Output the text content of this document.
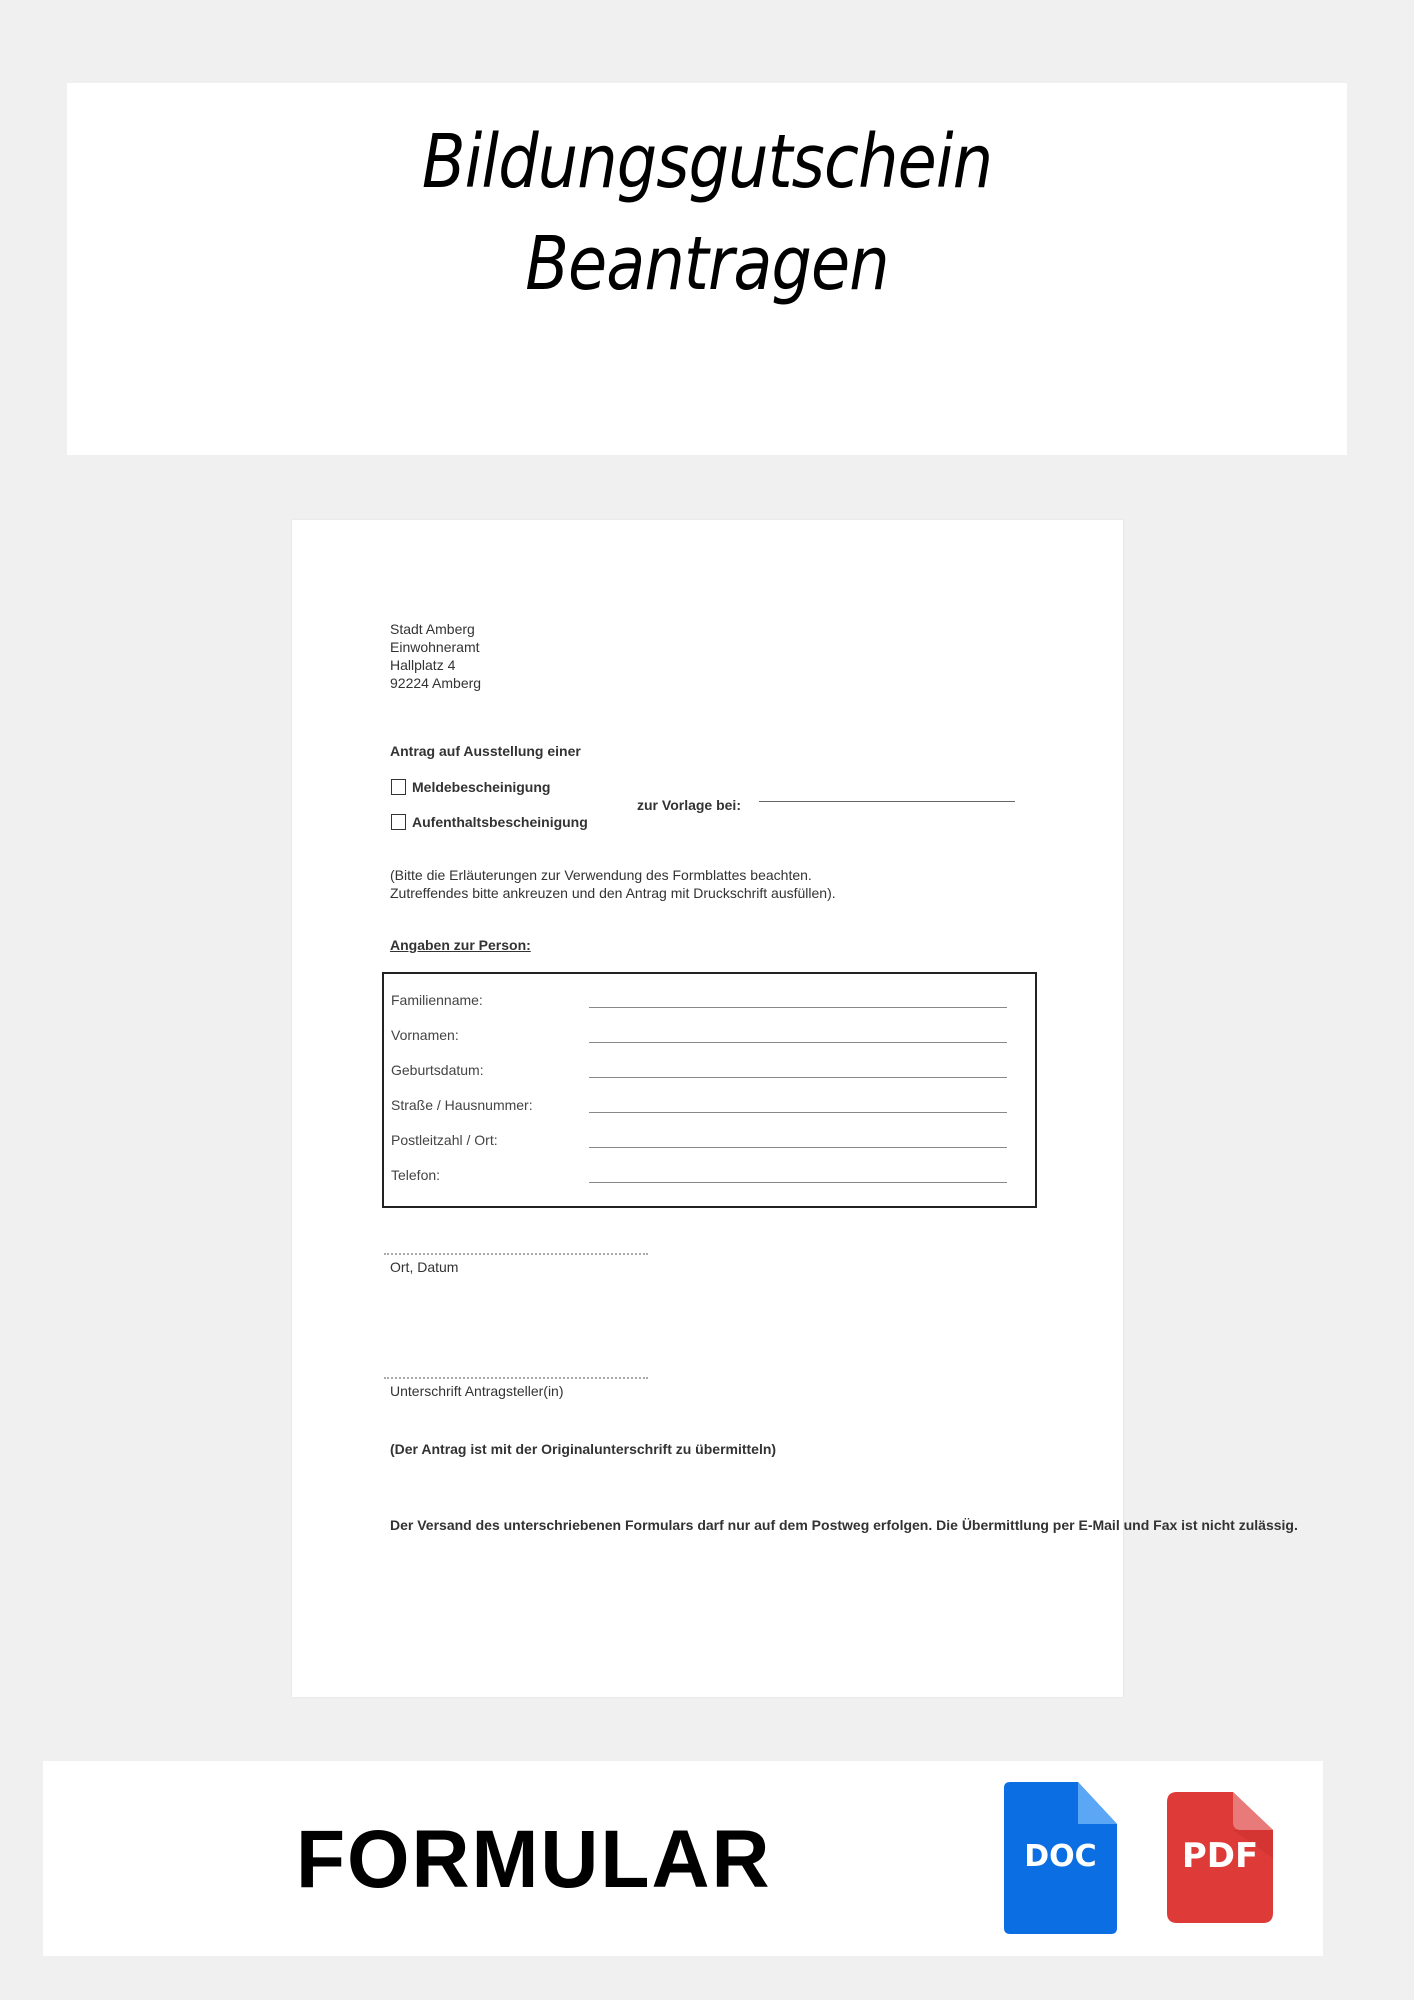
Bildungsgutschein
Beantragen
Stadt Amberg
Einwohneramt
Hallplatz 4
92224 Amberg
Antrag auf Ausstellung einer
Meldebescheinigung
Aufenthaltsbescheinigung
zur Vorlage bei:
(Bitte die Erläuterungen zur Verwendung des Formblattes beachten.
Zutreffendes bitte ankreuzen und den Antrag mit Druckschrift ausfüllen).
Angaben zur Person:
Familienname:
Vornamen:
Geburtsdatum:
Straße / Hausnummer:
Postleitzahl / Ort:
Telefon:
Ort, Datum
Unterschrift Antragsteller(in)
(Der Antrag ist mit der Originalunterschrift zu übermitteln)
Der Versand des unterschriebenen Formulars darf nur auf dem Postweg erfolgen. Die Übermittlung per E-Mail und Fax ist nicht zulässig.
FORMULAR	DOC	PDF
